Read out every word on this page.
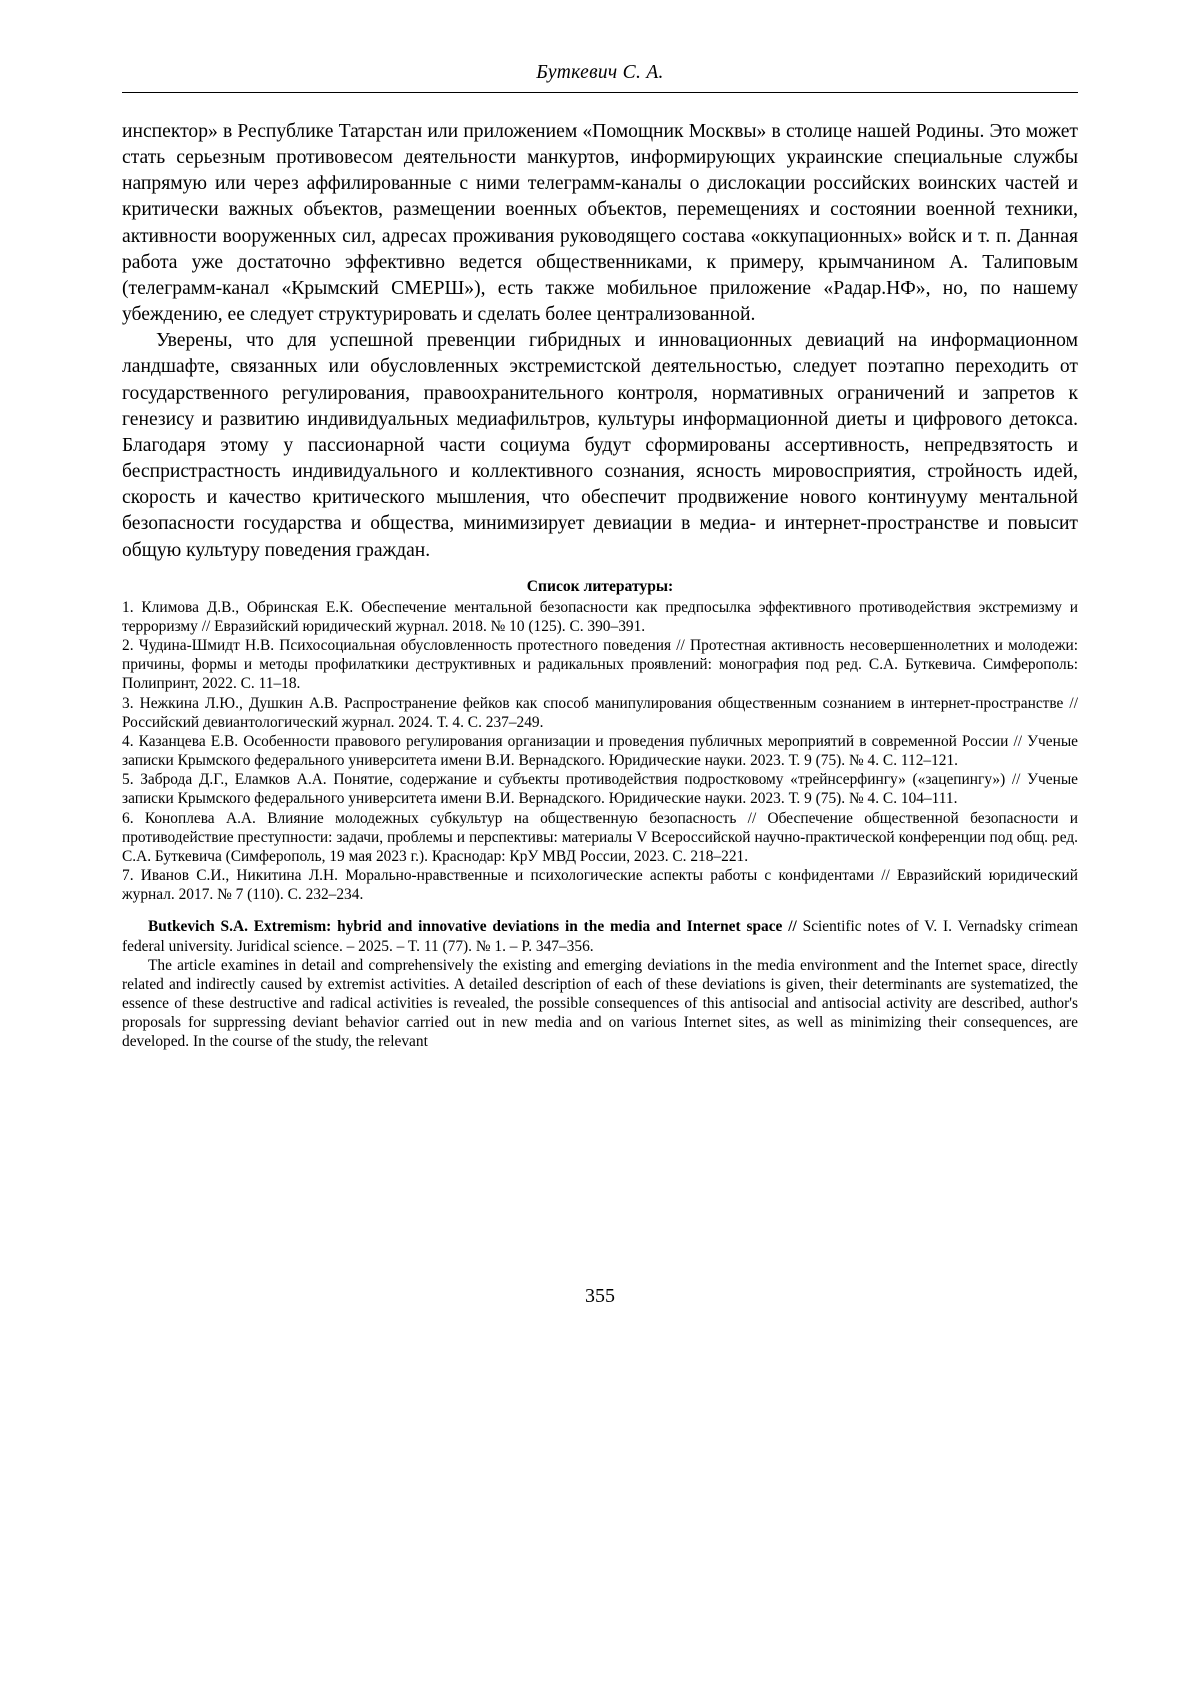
Буткевич С. А.

инспектор» в Республике Татарстан или приложением «Помощник Москвы» в столице нашей Родины. Это может стать серьезным противовесом деятельности манкуртов, информирующих украинские специальные службы напрямую или через аффилированные с ними телеграмм-каналы о дислокации российских воинских частей и критически важных объектов, размещении военных объектов, перемещениях и состоянии военной техники, активности вооруженных сил, адресах проживания руководящего состава «оккупационных» войск и т. п. Данная работа уже достаточно эффективно ведется общественниками, к примеру, крымчанином А. Талиповым (телеграмм-канал «Крымский СМЕРШ»), есть также мобильное приложение «Радар.НФ», но, по нашему убеждению, ее следует структурировать и сделать более централизованной.

Уверены, что для успешной превенции гибридных и инновационных девиаций на информационном ландшафте, связанных или обусловленных экстремистской деятельностью, следует поэтапно переходить от государственного регулирования, правоохранительного контроля, нормативных ограничений и запретов к генезису и развитию индивидуальных медиафильтров, культуры информационной диеты и цифрового детокса. Благодаря этому у пассионарной части социума будут сформированы ассертивность, непредвзятость и беспристрастность индивидуального и коллективного сознания, ясность мировосприятия, стройность идей, скорость и качество критического мышления, что обеспечит продвижение нового континууму ментальной безопасности государства и общества, минимизирует девиации в медиа- и интернет-пространстве и повысит общую культуру поведения граждан.

Список литературы:

1. Климова Д.В., Обринская Е.К. Обеспечение ментальной безопасности как предпосылка эффективного противодействия экстремизму и терроризму // Евразийский юридический журнал. 2018. № 10 (125). С. 390–391.

2. Чудина-Шмидт Н.В. Психосоциальная обусловленность протестного поведения // Протестная активность несовершеннолетних и молодежи: причины, формы и методы профилаткики деструктивных и радикальных проявлений: монография под ред. С.А. Буткевича. Симферополь: Полипринт, 2022. С. 11–18.

3. Нежкина Л.Ю., Душкин А.В. Распространение фейков как способ манипулирования общественным сознанием в интернет-пространстве // Российский девиантологический журнал. 2024. Т. 4. С. 237–249.

4. Казанцева Е.В. Особенности правового регулирования организации и проведения публичных мероприятий в современной России // Ученые записки Крымского федерального университета имени В.И. Вернадского. Юридические науки. 2023. Т. 9 (75). № 4. С. 112–121.

5. Заброда Д.Г., Еламков А.А. Понятие, содержание и субъекты противодействия подростковому «трейнсерфингу» («зацепингу») // Ученые записки Крымского федерального университета имени В.И. Вернадского. Юридические науки. 2023. Т. 9 (75). № 4. С. 104–111.

6. Коноплева А.А. Влияние молодежных субкультур на общественную безопасность // Обеспечение общественной безопасности и противодействие преступности: задачи, проблемы и перспективы: материалы V Всероссийской научно-практической конференции под общ. ред. С.А. Буткевича (Симферополь, 19 мая 2023 г.). Краснодар: КрУ МВД России, 2023. С. 218–221.

7. Иванов С.И., Никитина Л.Н. Морально-нравственные и психологические аспекты работы с конфидентами // Евразийский юридический журнал. 2017. № 7 (110). С. 232–234.

Butkevich S.A. Extremism: hybrid and innovative deviations in the media and Internet space // Scientific notes of V. I. Vernadsky crimean federal university. Juridical science. – 2025. – T. 11 (77). № 1. – P. 347–356.

The article examines in detail and comprehensively the existing and emerging deviations in the media environment and the Internet space, directly related and indirectly caused by extremist activities. A detailed description of each of these deviations is given, their determinants are systematized, the essence of these destructive and radical activities is revealed, the possible consequences of this antisocial and antisocial activity are described, author's proposals for suppressing deviant behavior carried out in new media and on various Internet sites, as well as minimizing their consequences, are developed. In the course of the study, the relevant

355
